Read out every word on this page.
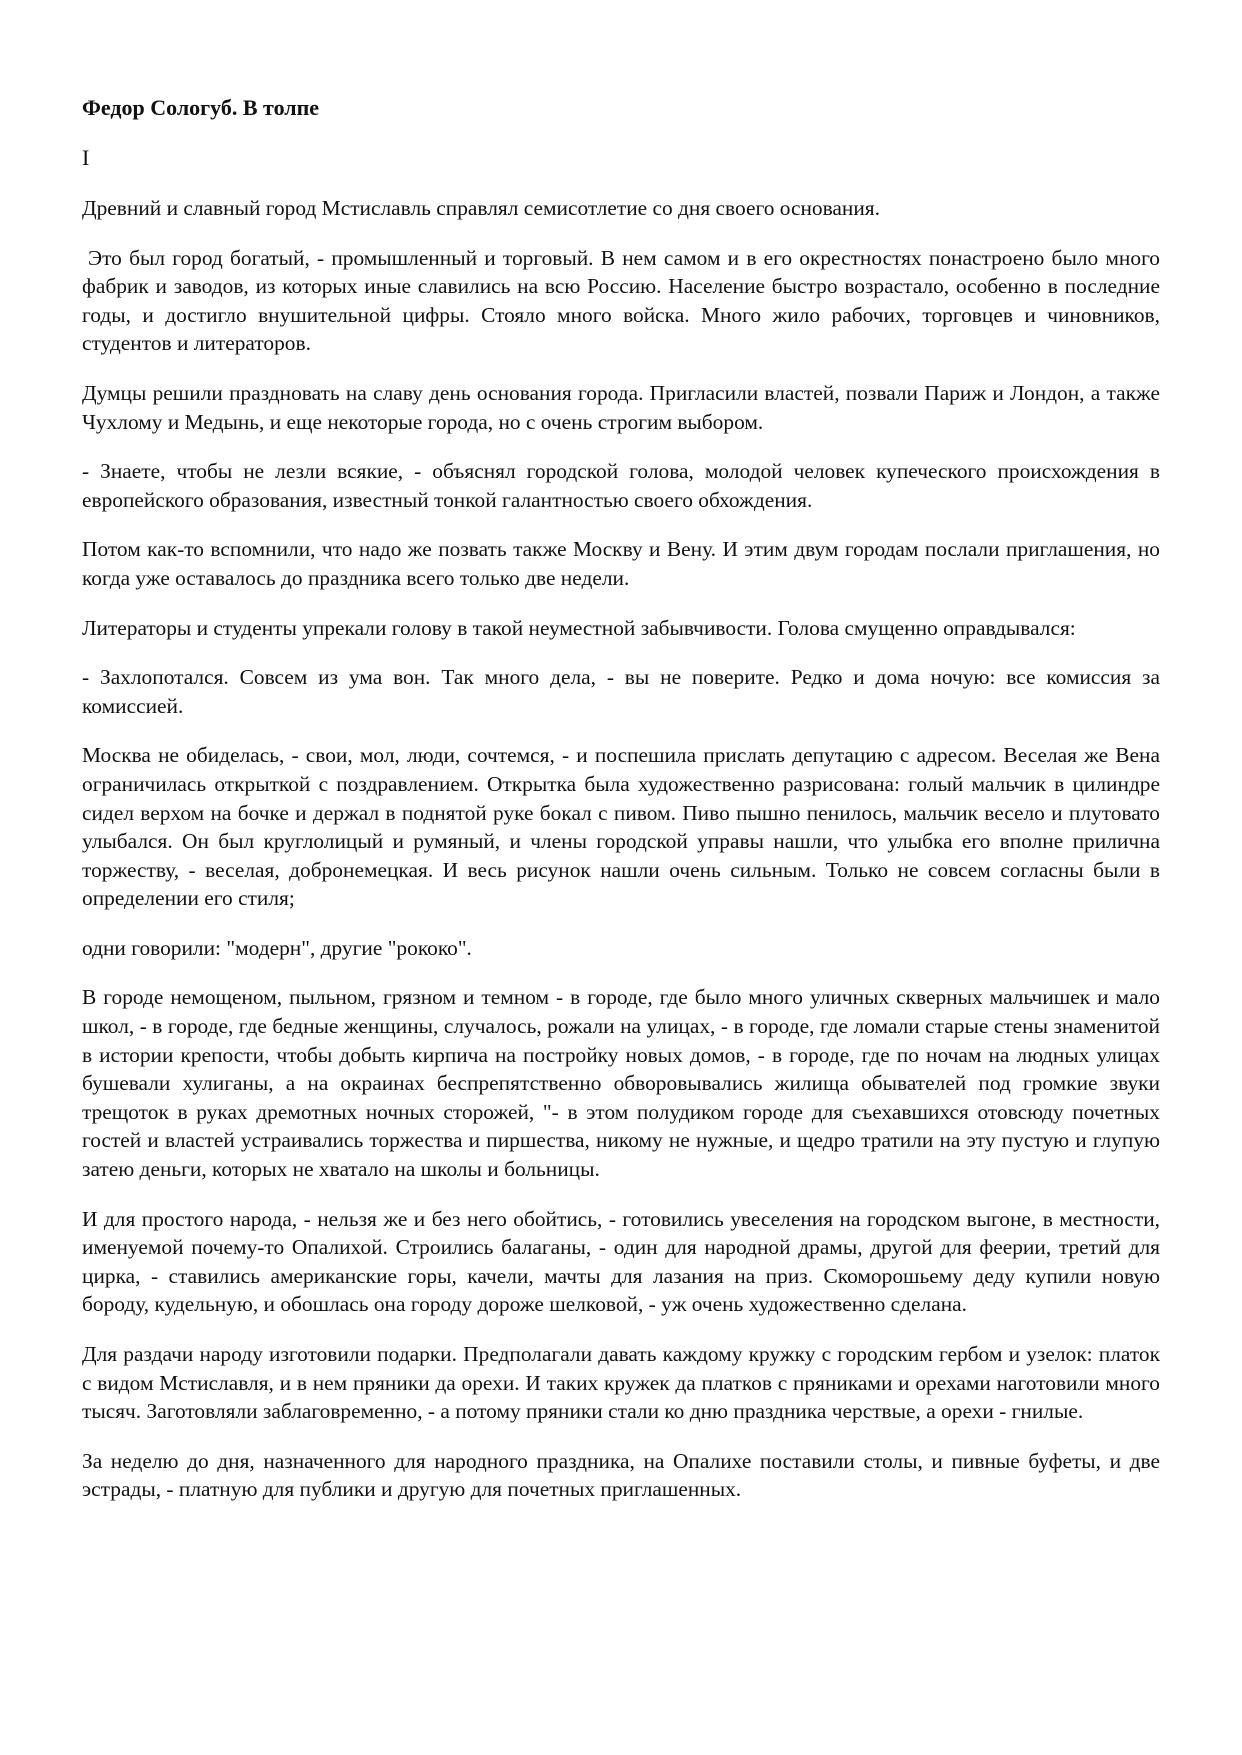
Федор Сологуб. В толпе
I

Древний и славный город Мстиславль справлял семисотлетие со дня своего основания.

Это был город богатый, - промышленный и торговый. В нем самом и в его окрестностях понастроено было много фабрик и заводов, из которых иные славились на всю Россию. Население быстро возрастало, особенно в последние годы, и достигло внушительной цифры. Стояло много войска. Много жило рабочих, торговцев и чиновников, студентов и литераторов.

Думцы решили праздновать на славу день основания города. Пригласили властей, позвали Париж и Лондон, а также Чухлому и Медынь, и еще некоторые города, но с очень строгим выбором.

- Знаете, чтобы не лезли всякие, - объяснял городской голова, молодой человек купеческого происхождения в европейского образования, известный тонкой галантностью своего обхождения.

Потом как-то вспомнили, что надо же позвать также Москву и Вену. И этим двум городам послали приглашения, но когда уже оставалось до праздника всего только две недели.

Литераторы и студенты упрекали голову в такой неуместной забывчивости. Голова смущенно оправдывался:

- Захлопотался. Совсем из ума вон. Так много дела, - вы не поверите. Редко и дома ночую: все комиссия за комиссией.

Москва не обиделась, - свои, мол, люди, сочтемся, - и поспешила прислать депутацию с адресом. Веселая же Вена ограничилась открыткой с поздравлением. Открытка была художественно разрисована: голый мальчик в цилиндре сидел верхом на бочке и держал в поднятой руке бокал с пивом. Пиво пышно пенилось, мальчик весело и плутовато улыбался. Он был круглолицый и румяный, и члены городской управы нашли, что улыбка его вполне прилична торжеству, - веселая, добронемецкая. И весь рисунок нашли очень сильным. Только не совсем согласны были в определении его стиля;

одни говорили: "модерн", другие "рококо".

В городе немощеном, пыльном, грязном и темном - в городе, где было много уличных скверных мальчишек и мало школ, - в городе, где бедные женщины, случалось, рожали на улицах, - в городе, где ломали старые стены знаменитой в истории крепости, чтобы добыть кирпича на постройку новых домов, - в городе, где по ночам на людных улицах бушевали хулиганы, а на окраинах беспрепятственно обворовывались жилища обывателей под громкие звуки трещоток в руках дремотных ночных сторожей, "- в этом полудиком городе для съехавшихся отовсюду почетных гостей и властей устраивались торжества и пиршества, никому не нужные, и щедро тратили на эту пустую и глупую затею деньги, которых не хватало на школы и больницы.

И для простого народа, - нельзя же и без него обойтись, - готовились увеселения на городском выгоне, в местности, именуемой почему-то Опалихой. Строились балаганы, - один для народной драмы, другой для феерии, третий для цирка, - ставились американские горы, качели, мачты для лазания на приз. Скоморошьему деду купили новую бороду, кудельную, и обошлась она городу дороже шелковой, - уж очень художественно сделана.

Для раздачи народу изготовили подарки. Предполагали давать каждому кружку с городским гербом и узелок: платок с видом Мстиславля, и в нем пряники да орехи. И таких кружек да платков с пряниками и орехами наготовили много тысяч. Заготовляли заблаговременно, - а потому пряники стали ко дню праздника черствые, а орехи - гнилые.

За неделю до дня, назначенного для народного праздника, на Опалихе поставили столы, и пивные буфеты, и две эстрады, - платную для публики и другую для почетных приглашенных.
